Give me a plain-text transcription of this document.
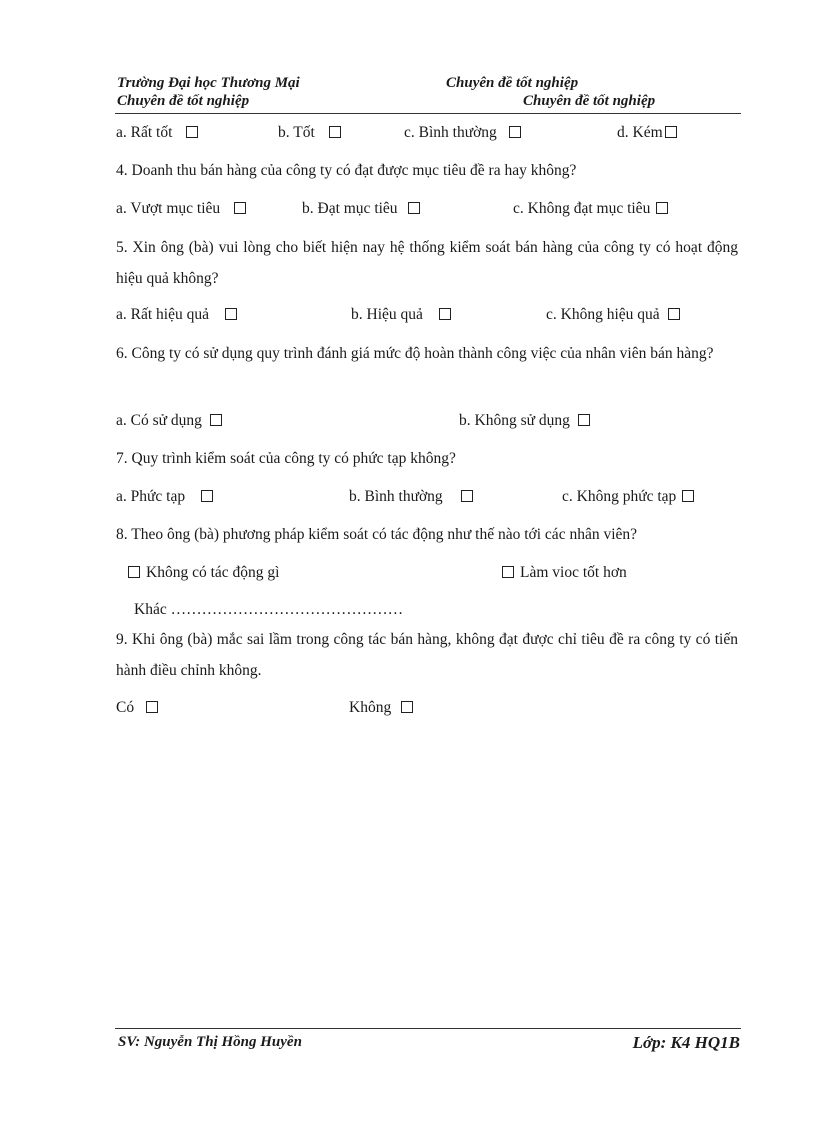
Trường Đại học Thương Mại	Chuyên đề tốt nghiệp
Chuyên đề tốt nghiệp	Chuyên đề tốt nghiệp
a. Rất tốt	b. Tốt	c. Bình thường	d. Kém
4. Doanh thu bán hàng của công ty có đạt được mục tiêu đề ra hay không?
a. Vượt mục tiêu	b. Đạt mục tiêu	c. Không đạt mục tiêu
5. Xin ông (bà) vui lòng cho biết hiện nay hệ thống kiểm soát bán hàng của công ty có hoạt động hiệu quả không?
a. Rất hiệu quả	b. Hiệu quả	c. Không hiệu quả
6. Công ty có sử dụng quy trình đánh giá mức độ hoàn thành công việc của nhân viên bán hàng?
a. Có sử dụng	b. Không sử dụng
7. Quy trình kiểm soát của công ty có phức tạp không?
a. Phức tạp	b. Bình thường	c. Không phức tạp
8. Theo ông (bà) phương pháp kiểm soát có tác động như thế nào tới các nhân viên?
Không có tác động gì	Làm vioc tốt hơn
Khác ………………………………………
9. Khi ông (bà) mắc sai lầm trong công tác bán hàng, không đạt được chỉ tiêu đề ra công ty có tiến hành điều chỉnh không.
Có	Không
SV: Nguyễn Thị Hồng Huyền	Lớp: K4 HQ1B
